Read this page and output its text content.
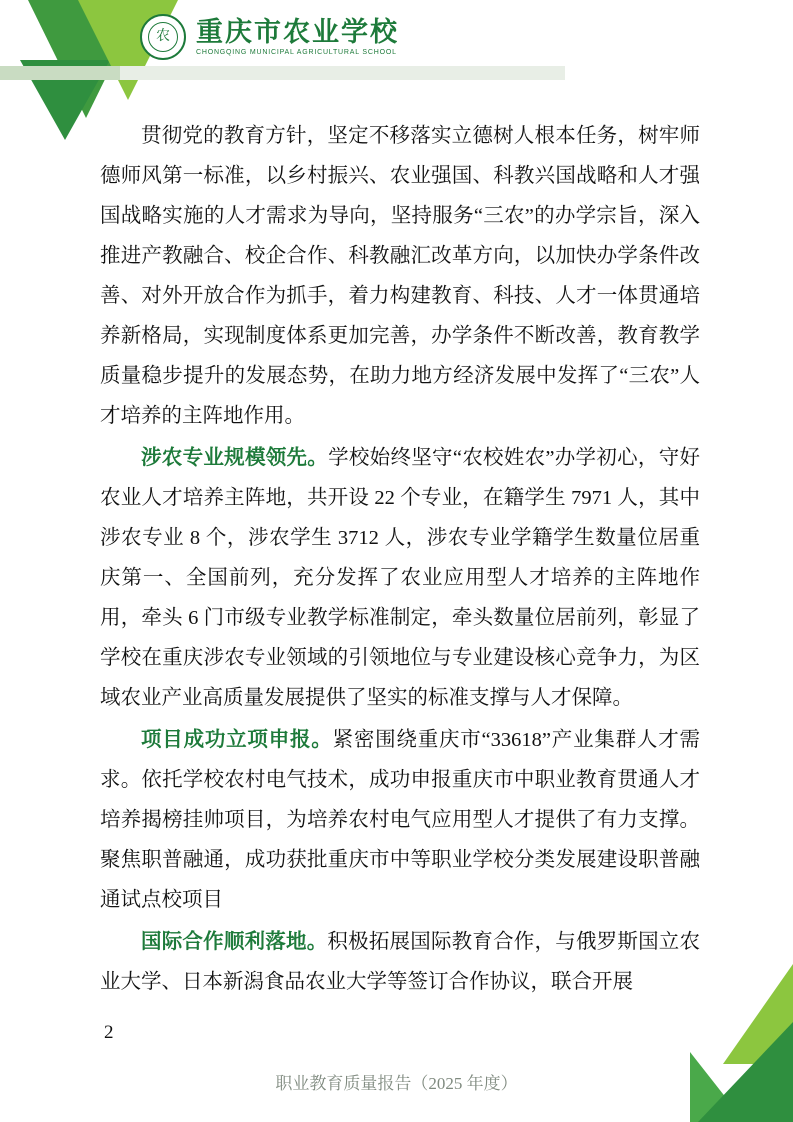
农 重庆市农业学校
CHONGQING MUNICIPAL AGRICULTURAL SCHOOL

贯彻党的教育方针，坚定不移落实立德树人根本任务，树牢师德师风第一标准，以乡村振兴、农业强国、科教兴国战略和人才强国战略实施的人才需求为导向，坚持服务“三农”的办学宗旨，深入推进产教融合、校企合作、科教融汇改革方向，以加快办学条件改善、对外开放合作为抓手，着力构建教育、科技、人才一体贯通培养新格局，实现制度体系更加完善，办学条件不断改善，教育教学质量稳步提升的发展态势，在助力地方经济发展中发挥了“三农”人才培养的主阵地作用。

涉农专业规模领先。学校始终坚守“农校姓农”办学初心，守好农业人才培养主阵地，共开设 22 个专业，在籍学生 7971 人，其中涉农专业 8 个，涉农学生 3712 人，涉农专业学籍学生数量位居重庆第一、全国前列，充分发挥了农业应用型人才培养的主阵地作用，牵头 6 门市级专业教学标准制定，牵头数量位居前列，彰显了学校在重庆涉农专业领域的引领地位与专业建设核心竞争力，为区域农业产业高质量发展提供了坚实的标准支撑与人才保障。

项目成功立项申报。紧密围绕重庆市“33618”产业集群人才需求。依托学校农村电气技术，成功申报重庆市中职业教育贯通人才培养揭榜挂帅项目，为培养农村电气应用型人才提供了有力支撑。聚焦职普融通，成功获批重庆市中等职业学校分类发展建设职普融通试点校项目

国际合作顺利落地。积极拓展国际教育合作，与俄罗斯国立农业大学、日本新潟食品农业大学等签订合作协议，联合开展

2
职业教育质量报告（2025 年度）
